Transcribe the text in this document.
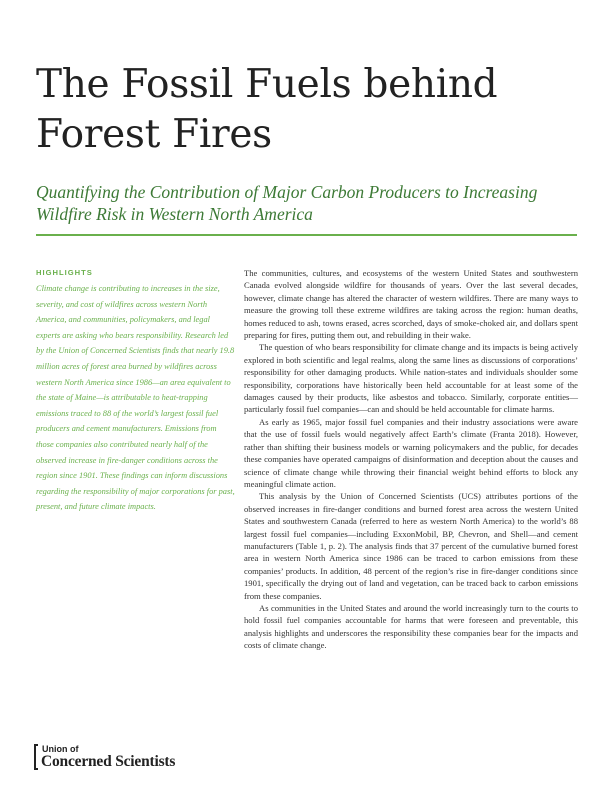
The Fossil Fuels behind Forest Fires
Quantifying the Contribution of Major Carbon Producers to Increasing Wildfire Risk in Western North America
HIGHLIGHTS

Climate change is contributing to increases in the size, severity, and cost of wildfires across western North America, and communities, policymakers, and legal experts are asking who bears responsibility. Research led by the Union of Concerned Scientists finds that nearly 19.8 million acres of forest area burned by wildfires across western North America since 1986—an area equivalent to the state of Maine—is attributable to heat-trapping emissions traced to 88 of the world’s largest fossil fuel producers and cement manufacturers. Emissions from those companies also contributed nearly half of the observed increase in fire-danger conditions across the region since 1901. These findings can inform discussions regarding the responsibility of major corporations for past, present, and future climate impacts.

The communities, cultures, and ecosystems of the western United States and southwestern Canada evolved alongside wildfire for thousands of years. Over the last several decades, however, climate change has altered the character of western wildfires. There are many ways to measure the growing toll these extreme wildfires are taking across the region: human deaths, homes reduced to ash, towns erased, acres scorched, days of smoke-choked air, and dollars spent preparing for fires, putting them out, and rebuilding in their wake.

The question of who bears responsibility for climate change and its impacts is being actively explored in both scientific and legal realms, along the same lines as discussions of corporations’ responsibility for other damaging products. While nation-states and individuals shoulder some responsibility, corporations have historically been held accountable for at least some of the damages caused by their products, like asbestos and tobacco. Similarly, corporate entities—particularly fossil fuel companies—can and should be held accountable for climate harms.

As early as 1965, major fossil fuel companies and their industry associations were aware that the use of fossil fuels would negatively affect Earth’s climate (Franta 2018). However, rather than shifting their business models or warning policymakers and the public, for decades these companies have operated campaigns of disinformation and deception about the causes and science of climate change while throwing their financial weight behind efforts to block any meaningful climate action.

This analysis by the Union of Concerned Scientists (UCS) attributes portions of the observed increases in fire-danger conditions and burned forest area across the western United States and southwestern Canada (referred to here as western North America) to the world’s 88 largest fossil fuel companies—including ExxonMobil, BP, Chevron, and Shell—and cement manufacturers (Table 1, p. 2). The analysis finds that 37 percent of the cumulative burned forest area in western North America since 1986 can be traced to carbon emissions from these companies’ products. In addition, 48 percent of the region’s rise in fire-danger conditions since 1901, specifically the drying out of land and vegetation, can be traced back to carbon emissions from these companies.

As communities in the United States and around the world increasingly turn to the courts to hold fossil fuel companies accountable for harms that were foreseen and preventable, this analysis highlights and underscores the responsibility these companies bear for the impacts and costs of climate change.

Union of
Concerned Scientists
